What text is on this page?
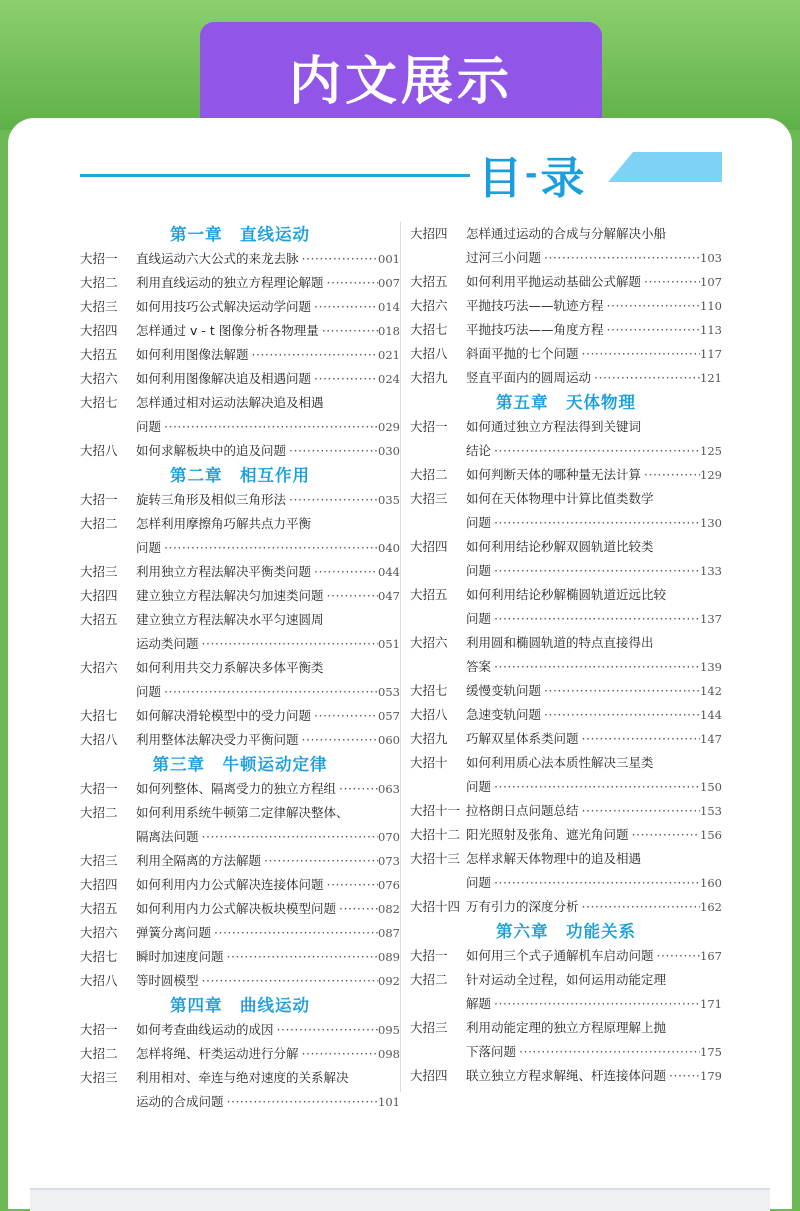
内文展示
目 - 录
第一章　直线运动
大招一	直线运动六大公式的来龙去脉 ·····	001
大招二	利用直线运动的独立方程理论解题 ·····	007
大招三	如何用技巧公式解决运动学问题 ·····	014
大招四	怎样通过 v - t 图像分析各物理量 ·····	018
大招五	如何利用图像法解题 ·····	021
大招六	如何利用图像解决追及相遇问题 ·····	024
大招七	怎样通过相对运动法解决追及相遇
问题 ·····	029
大招八	如何求解板块中的追及问题 ·····	030
第二章　相互作用
大招一	旋转三角形及相似三角形法 ·····	035
大招二	怎样利用摩擦角巧解共点力平衡
问题 ·····	040
大招三	利用独立方程法解决平衡类问题 ·····	044
大招四	建立独立方程法解决匀加速类问题 ·····	047
大招五	建立独立方程法解决水平匀速圆周
运动类问题 ·····	051
大招六	如何利用共交力系解决多体平衡类
问题 ·····	053
大招七	如何解决滑轮模型中的受力问题 ·····	057
大招八	利用整体法解决受力平衡问题 ·····	060
第三章　牛顿运动定律
大招一	如何列整体、隔离受力的独立方程组 ·····	063
大招二	如何利用系统牛顿第二定律解决整体、
隔离法问题 ·····	070
大招三	利用全隔离的方法解题 ·····	073
大招四	如何利用内力公式解决连接体问题 ·····	076
大招五	如何利用内力公式解决板块模型问题 ·····	082
大招六	弹簧分离问题 ·····	087
大招七	瞬时加速度问题 ·····	089
大招八	等时圆模型 ·····	092
第四章　曲线运动
大招一	如何考查曲线运动的成因 ·····	095
大招二	怎样将绳、杆类运动进行分解 ·····	098
大招三	利用相对、牵连与绝对速度的关系解决
运动的合成问题 ·····	101
大招四	怎样通过运动的合成与分解解决小船
过河三小问题 ·····	103
大招五	如何利用平抛运动基础公式解题 ·····	107
大招六	平抛技巧法——轨迹方程 ·····	110
大招七	平抛技巧法——角度方程 ·····	113
大招八	斜面平抛的七个问题 ·····	117
大招九	竖直平面内的圆周运动 ·····	121
第五章　天体物理
大招一	如何通过独立方程法得到关键词
结论 ·····	125
大招二	如何判断天体的哪种量无法计算 ·····	129
大招三	如何在天体物理中计算比值类数学
问题 ·····	130
大招四	如何利用结论秒解双圆轨道比较类
问题 ·····	133
大招五	如何利用结论秒解椭圆轨道近远比较
问题 ·····	137
大招六	利用圆和椭圆轨道的特点直接得出
答案 ·····	139
大招七	缓慢变轨问题 ·····	142
大招八	急速变轨问题 ·····	144
大招九	巧解双星体系类问题 ·····	147
大招十	如何利用质心法本质性解决三星类
问题 ·····	150
大招十一 拉格朗日点问题总结 ·····	153
大招十二 阳光照射及张角、遮光角问题 ·····	156
大招十三 怎样求解天体物理中的追及相遇
问题 ·····	160
大招十四 万有引力的深度分析 ·····	162
第六章　功能关系
大招一	如何用三个式子通解机车启动问题 ·····	167
大招二	针对运动全过程，如何运用动能定理
解题 ·····	171
大招三	利用动能定理的独立方程原理解上抛
下落问题 ·····	175
大招四	联立独立方程求解绳、杆连接体问题 ·····	179
